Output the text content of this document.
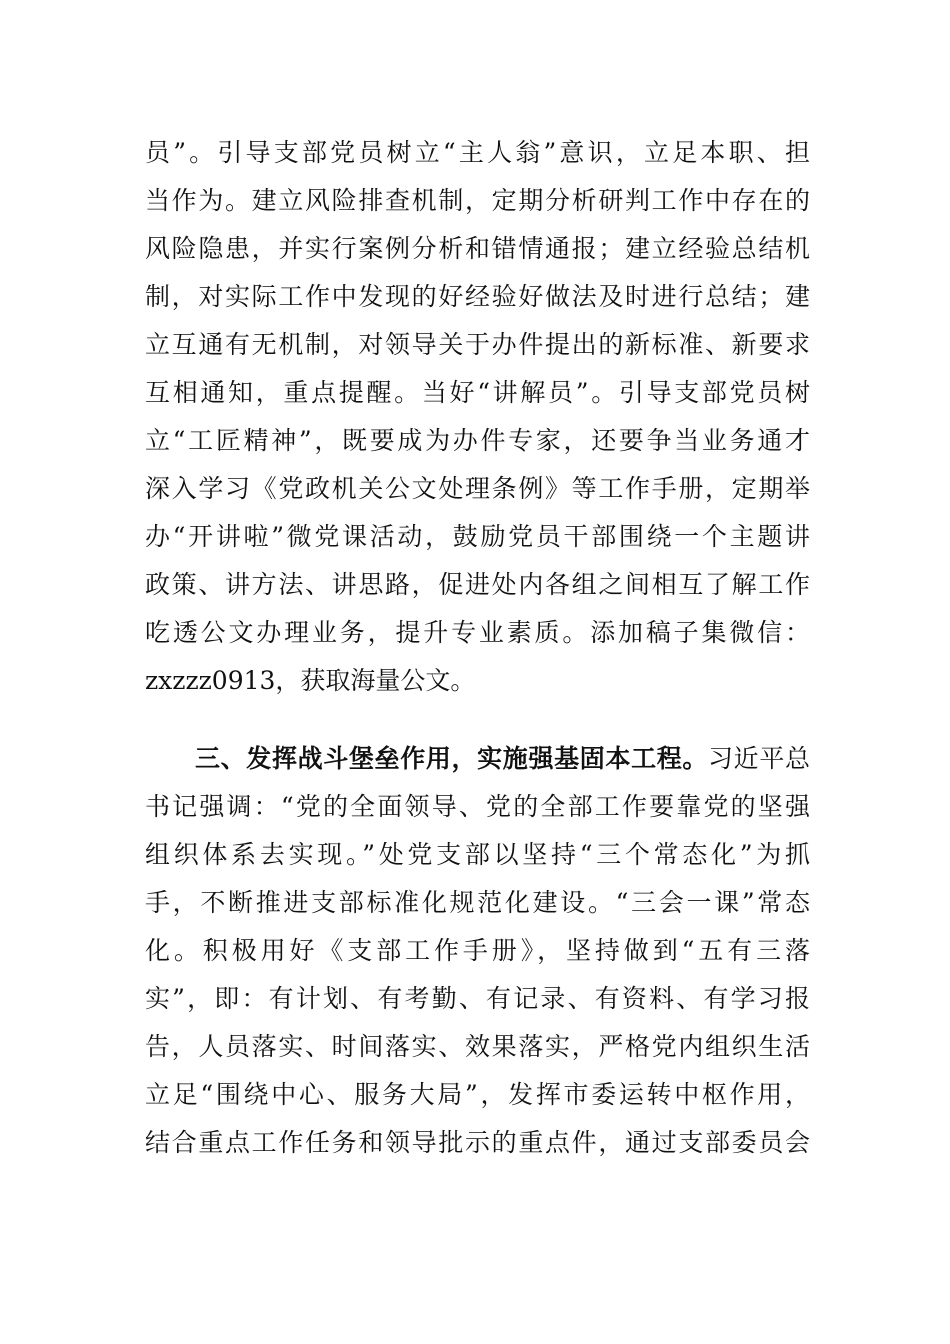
员”。引导支部党员树立“主人翁”意识，立足本职、担
当作为。建立风险排查机制，定期分析研判工作中存在的
风险隐患，并实行案例分析和错情通报；建立经验总结机
制，对实际工作中发现的好经验好做法及时进行总结；建
立互通有无机制，对领导关于办件提出的新标准、新要求
互相通知，重点提醒。当好“讲解员”。引导支部党员树
立“工匠精神”，既要成为办件专家，还要争当业务通才
深入学习《党政机关公文处理条例》等工作手册，定期举
办“开讲啦”微党课活动，鼓励党员干部围绕一个主题讲
政策、讲方法、讲思路，促进处内各组之间相互了解工作
吃透公文办理业务，提升专业素质。添加稿子集微信：
zxzzz0913，获取海量公文。
三、发挥战斗堡垒作用，实施强基固本工程。习近平总
书记强调：“党的全面领导、党的全部工作要靠党的坚强
组织体系去实现。”处党支部以坚持“三个常态化”为抓
手，不断推进支部标准化规范化建设。“三会一课”常态
化。积极用好《支部工作手册》，坚持做到“五有三落
实”，即：有计划、有考勤、有记录、有资料、有学习报
告，人员落实、时间落实、效果落实，严格党内组织生活
立足“围绕中心、服务大局”，发挥市委运转中枢作用，
结合重点工作任务和领导批示的重点件，通过支部委员会
